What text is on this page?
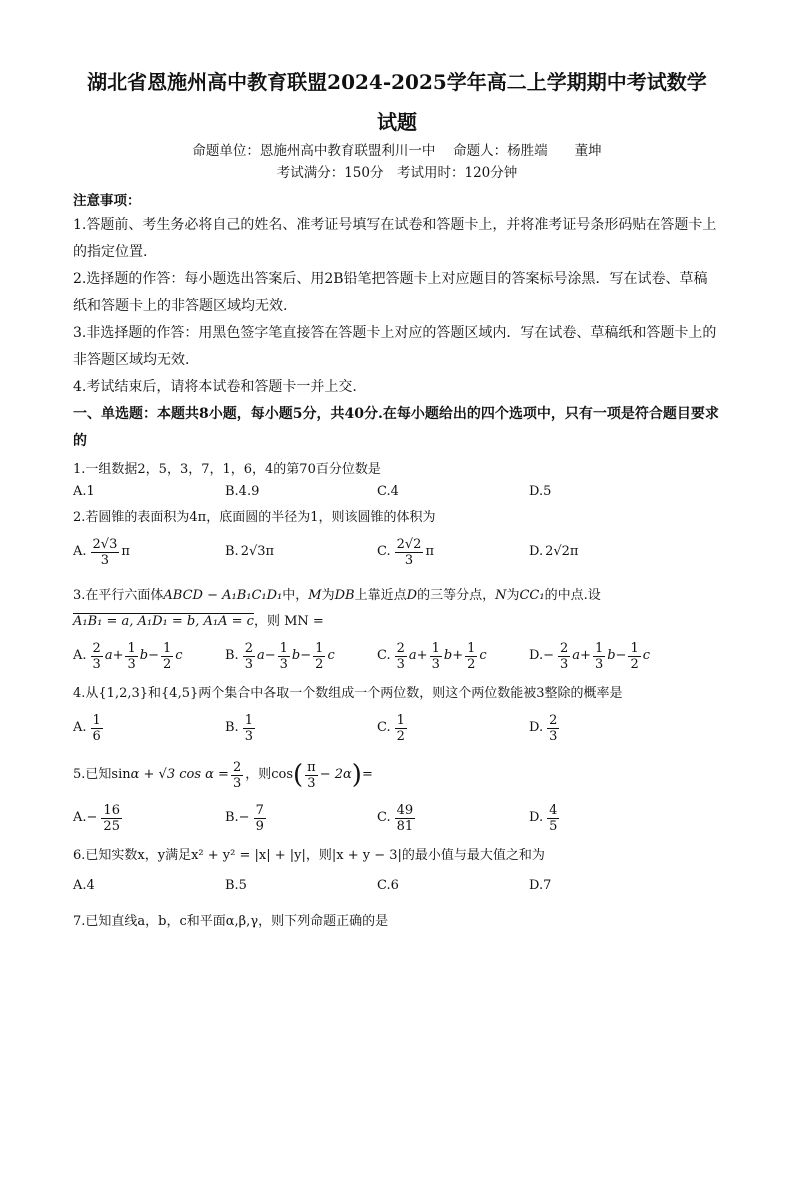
湖北省恩施州高中教育联盟2024-2025学年高二上学期期中考试数学
试题
命题单位：恩施州高中教育联盟利川一中　 命题人：杨胜端　　董坤
考试满分：150分　考试用时：120分钟
注意事项：
1.答题前、考生务必将自己的姓名、准考证号填写在试卷和答题卡上，并将准考证号条形码贴在答题卡上的指定位置.
2.选择题的作答：每小题选出答案后、用2B铅笔把答题卡上对应题目的答案标号涂黑．写在试卷、草稿纸和答题卡上的非答题区域均无效.
3.非选择题的作答：用黑色签字笔直接答在答题卡上对应的答题区域内．写在试卷、草稿纸和答题卡上的非答题区域均无效.
4.考试结束后，请将本试卷和答题卡一并上交.
一、单选题：本题共8小题，每小题5分，共40分.在每小题给出的四个选项中，只有一项是符合题目要求的
1.一组数据2，5，3，7，1，6，4的第70百分位数是
A.1	B.4.9	C.4	D.5
2.若圆锥的表面积为4π，底面圆的半径为1，则该圆锥的体积为
A. $\frac{2√3}{3}$ π	B. 2√3π	C. $\frac{2√2}{3}$ π	D. 2√2π
3.在平行六面体ABCD − A₁B₁C₁D₁中，M为DB上靠近点D的三等分点，N为CC₁的中点.设
A₁B₁ = a, A₁D₁ = b, A₁A = c，则 MN =
A. $\frac{2}{3}$ $a + \frac{1}{3}$ $b - \frac{1}{2}$ c	B. $\frac{2}{3}$ $a - \frac{1}{3}$ $b - \frac{1}{2}$ c	C. $\frac{2}{3}$ $a + \frac{1}{3}$ $b + \frac{1}{2}$ c	$D.- \frac{2}{3}$ $a + \frac{1}{3}$ $b - \frac{1}{2}$ c
4.从{1,2,3}和{4,5}两个集合中各取一个数组成一个两位数，则这个两位数能被3整除的概率是
A. $\frac{1}{6}$	B. $\frac{1}{3}$	C. $\frac{1}{2}$	D. $\frac{2}{3}$
5.已知sin α + √3 $\cos \alpha = \frac{2}{3}$ ，则cos ( $\frac{\pi}{3} - 2\alpha$ ) =
$A.- \frac{16}{25}$	$B.- \frac{7}{9}$	C. $\frac{49}{81}$	D. $\frac{4}{5}$
6.已知实数x，y满足x² + y² = |x| + |y|，则|x + y − 3|的最小值与最大值之和为
A.4	B.5	C.6	D.7
7.已知直线a，b，c和平面α,β,γ，则下列命题正确的是
